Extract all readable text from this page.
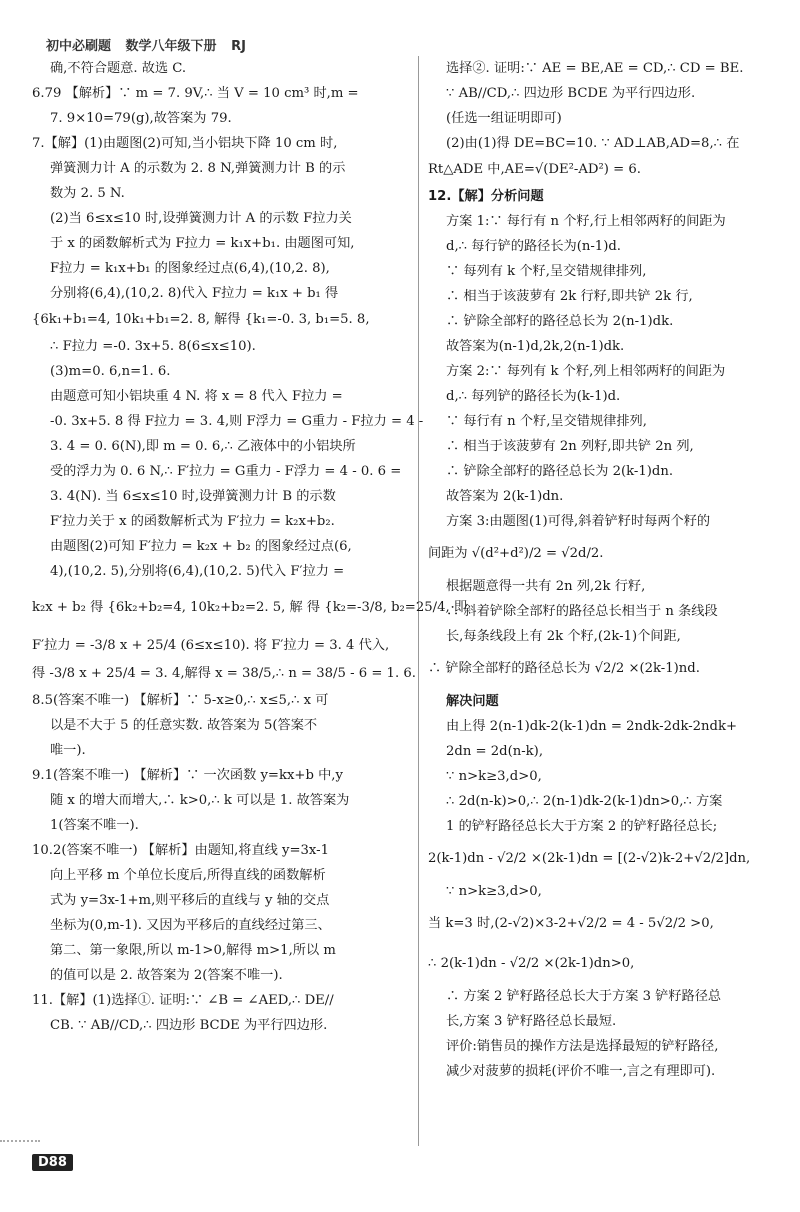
初中必刷题 数学八年级下册 RJ
确,不符合题意. 故选 C.
6.79 【解析】∵ m = 7. 9V,∴ 当 V = 10 cm³ 时,m =
7. 9×10=79(g),故答案为 79.
7.【解】(1)由题图(2)可知,当小铝块下降 10 cm 时,
弹簧测力计 A 的示数为 2. 8 N,弹簧测力计 B 的示
数为 2. 5 N.
(2)当 6≤x≤10 时,设弹簧测力计 A 的示数 F拉力关
于 x 的函数解析式为 F拉力 = k₁x+b₁. 由题图可知,
F拉力 = k₁x+b₁ 的图象经过点(6,4),(10,2. 8),
分别将(6,4),(10,2. 8)代入 F拉力 = k₁x + b₁ 得
{6k₁+b₁=4, 10k₁+b₁=2. 8, 解得 {k₁=-0. 3, b₁=5. 8,
∴ F拉力 =-0. 3x+5. 8(6≤x≤10).
(3)m=0. 6,n=1. 6.
由题意可知小铝块重 4 N. 将 x = 8 代入 F拉力 =
-0. 3x+5. 8 得 F拉力 = 3. 4,则 F浮力 = G重力 - F拉力 = 4 -
3. 4 = 0. 6(N),即 m = 0. 6,∴ 乙液体中的小铝块所
受的浮力为 0. 6 N,∴ F′拉力 = G重力 - F浮力 = 4 - 0. 6 =
3. 4(N). 当 6≤x≤10 时,设弹簧测力计 B 的示数
F′拉力关于 x 的函数解析式为 F′拉力 = k₂x+b₂.
由题图(2)可知 F′拉力 = k₂x + b₂ 的图象经过点(6,
4),(10,2. 5),分别将(6,4),(10,2. 5)代入 F′拉力 =
k₂x + b₂ 得 {6k₂+b₂=4, 10k₂+b₂=2. 5, 解 得 {k₂=-3/8, b₂=25/4, 即
F′拉力 = -3/8 x + 25/4 (6≤x≤10). 将 F′拉力 = 3. 4 代入,
得 -3/8 x + 25/4 = 3. 4,解得 x = 38/5,∴ n = 38/5 - 6 = 1. 6.
8.5(答案不唯一) 【解析】∵ 5-x≥0,∴ x≤5,∴ x 可
以是不大于 5 的任意实数. 故答案为 5(答案不
唯一).
9.1(答案不唯一) 【解析】∵ 一次函数 y=kx+b 中,y
随 x 的增大而增大,∴ k>0,∴ k 可以是 1. 故答案为
1(答案不唯一).
10.2(答案不唯一) 【解析】由题知,将直线 y=3x-1
向上平移 m 个单位长度后,所得直线的函数解析
式为 y=3x-1+m,则平移后的直线与 y 轴的交点
坐标为(0,m-1). 又因为平移后的直线经过第三、
第二、第一象限,所以 m-1>0,解得 m>1,所以 m
的值可以是 2. 故答案为 2(答案不唯一).
11.【解】(1)选择①. 证明:∵ ∠B = ∠AED,∴ DE//
CB. ∵ AB//CD,∴ 四边形 BCDE 为平行四边形.
选择②. 证明:∵ AE = BE,AE = CD,∴ CD = BE.
∵ AB//CD,∴ 四边形 BCDE 为平行四边形.
(任选一组证明即可)
(2)由(1)得 DE=BC=10. ∵ AD⊥AB,AD=8,∴ 在
Rt△ADE 中,AE=√(DE²-AD²) = 6.
12.【解】分析问题
方案 1:∵ 每行有 n 个籽,行上相邻两籽的间距为
d,∴ 每行铲的路径长为(n-1)d.
∵ 每列有 k 个籽,呈交错规律排列,
∴ 相当于该菠萝有 2k 行籽,即共铲 2k 行,
∴ 铲除全部籽的路径总长为 2(n-1)dk.
故答案为(n-1)d,2k,2(n-1)dk.
方案 2:∵ 每列有 k 个籽,列上相邻两籽的间距为
d,∴ 每列铲的路径长为(k-1)d.
∵ 每行有 n 个籽,呈交错规律排列,
∴ 相当于该菠萝有 2n 列籽,即共铲 2n 列,
∴ 铲除全部籽的路径总长为 2(k-1)dn.
故答案为 2(k-1)dn.
方案 3:由题图(1)可得,斜着铲籽时每两个籽的
间距为 √(d²+d²)/2 = √2d/2.
根据题意得一共有 2n 列,2k 行籽,
∴ 斜着铲除全部籽的路径总长相当于 n 条线段
长,每条线段上有 2k 个籽,(2k-1)个间距,
∴ 铲除全部籽的路径总长为 √2/2 ×(2k-1)nd.
解决问题
由上得 2(n-1)dk-2(k-1)dn = 2ndk-2dk-2ndk+
2dn = 2d(n-k),
∵ n>k≥3,d>0,
∴ 2d(n-k)>0,∴ 2(n-1)dk-2(k-1)dn>0,∴ 方案
1 的铲籽路径总长大于方案 2 的铲籽路径总长;
2(k-1)dn - √2/2 ×(2k-1)dn = [(2-√2)k-2+√2/2]dn,
∵ n>k≥3,d>0,
当 k=3 时,(2-√2)×3-2+√2/2 = 4 - 5√2/2 >0,
∴ 2(k-1)dn - √2/2 ×(2k-1)dn>0,
∴ 方案 2 铲籽路径总长大于方案 3 铲籽路径总
长,方案 3 铲籽路径总长最短.
评价:销售员的操作方法是选择最短的铲籽路径,
减少对菠萝的损耗(评价不唯一,言之有理即可).
D88
